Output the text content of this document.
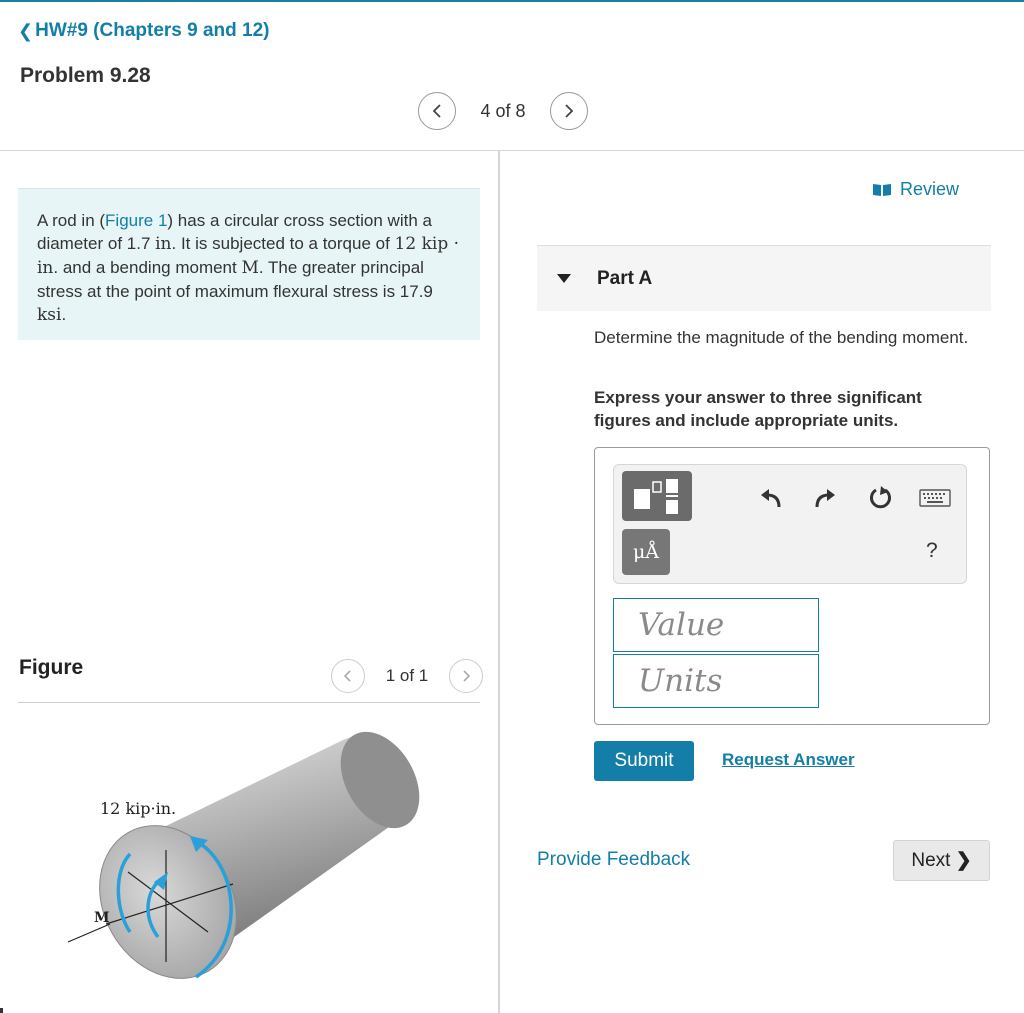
❮ HW#9 (Chapters 9 and 12)
Problem 9.28
4 of 8
A rod in (Figure 1) has a circular cross section with a diameter of 1.7 in. It is subjected to a torque of 12 kip · in. and a bending moment M. The greater principal stress at the point of maximum flexural stress is 17.9 ksi.
Figure	1 of 1
12 kip·in.
M
Review
Part A
Determine the magnitude of the bending moment.
Express your answer to three significant figures and include appropriate units.
μÅ	?
Value
Units
Submit	Request Answer
Provide Feedback	Next ❯
